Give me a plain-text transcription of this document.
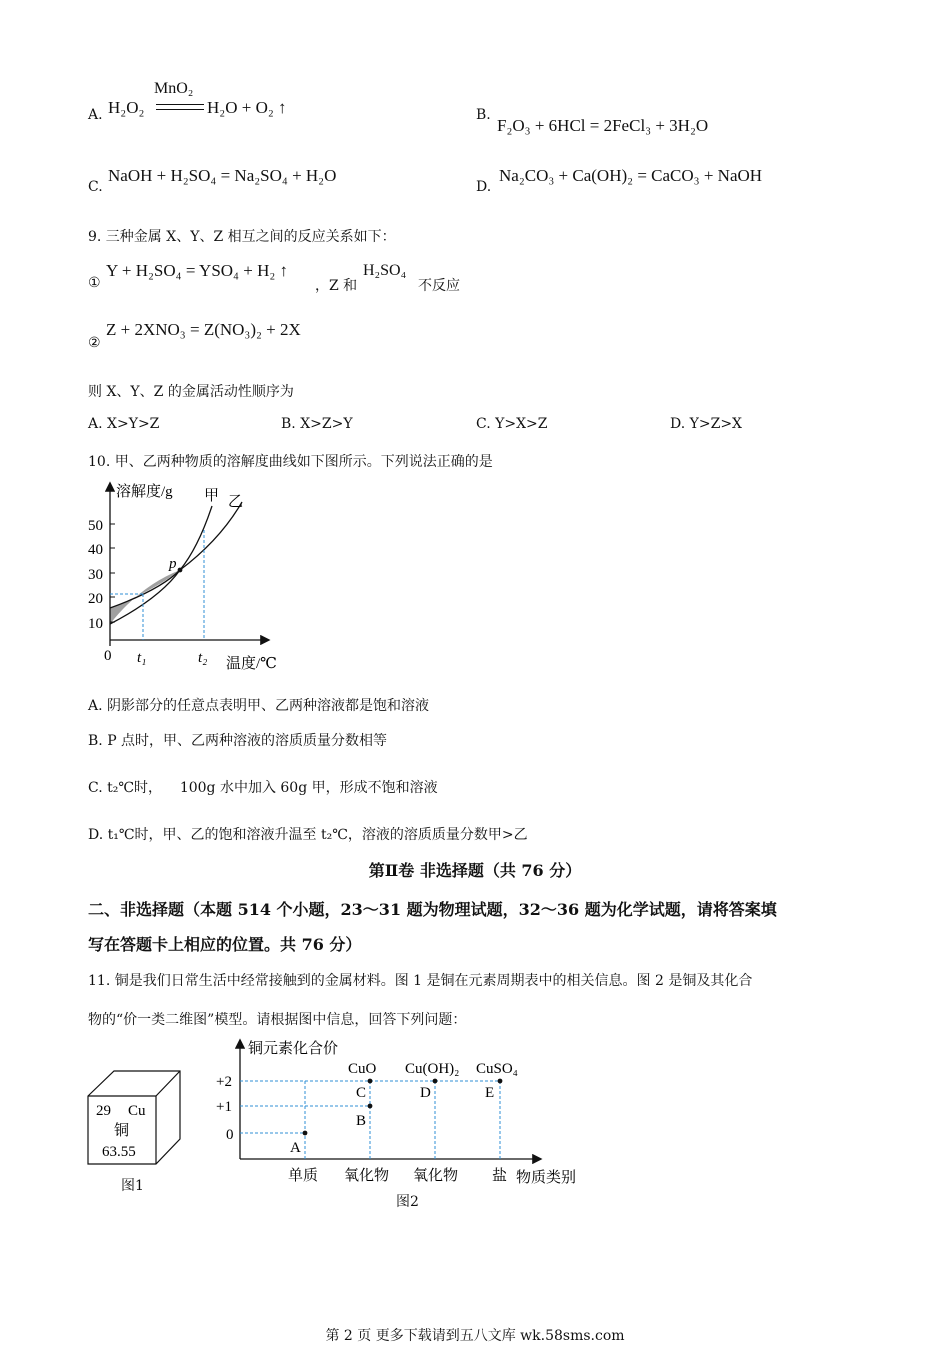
A.
MnO₂
H₂O₂	H₂O + O₂ ↑	B.
F₂O₃ + 6HCl = 2FeCl₃ + 3H₂O
C.
NaOH + H₂SO₄ = Na₂SO₄ + H₂O
D.
Na₂CO₃ + Ca(OH)₂ = CaCO₃ + NaOH
9. 三种金属 X、Y、Z 相互之间的反应关系如下：
①
Y + H₂SO₄ = YSO₄ + H₂ ↑
，Z 和
H₂SO₄
不反应
②
Z + 2XNO₃ = Z(NO₃)₂ + 2X
则 X、Y、Z 的金属活动性顺序为
A. X>Y>Z	B. X>Z>Y	C. Y>X>Z	D. Y>Z>X
10. 甲、乙两种物质的溶解度曲线如下图所示。下列说法正确的是
溶解度/g 甲 乙
50
40
30
20
10
0 t₁	t₂ 温度/℃
p
A. 阴影部分的任意点表明甲、乙两种溶液都是饱和溶液
B. P 点时，甲、乙两种溶液的溶质质量分数相等
C. t₂℃时，    100g 水中加入 60g 甲，形成不饱和溶液
D. t₁℃时，甲、乙的饱和溶液升温至 t₂℃，溶液的溶质质量分数甲>乙
第Ⅱ卷 非选择题（共 76 分）
二、非选择题（本题 514 个小题，23～31 题为物理试题，32～36 题为化学试题，请将答案填
写在答题卡上相应的位置。共 76 分）
11. 铜是我们日常生活中经常接触到的金属材料。图 1 是铜在元素周期表中的相关信息。图 2 是铜及其化合
物的“价一类二维图”模型。请根据图中信息，回答下列问题：
29 Cu
铜
63.55
图1
铜元素化合价
+2
+1
0
CuO Cu(OH)₂ CuSO₄
C	D	E
B
A
单质 氧化物 氧化物 盐 物质类别
图2
第 2 页 更多下载请到五八文库 wk.58sms.com
